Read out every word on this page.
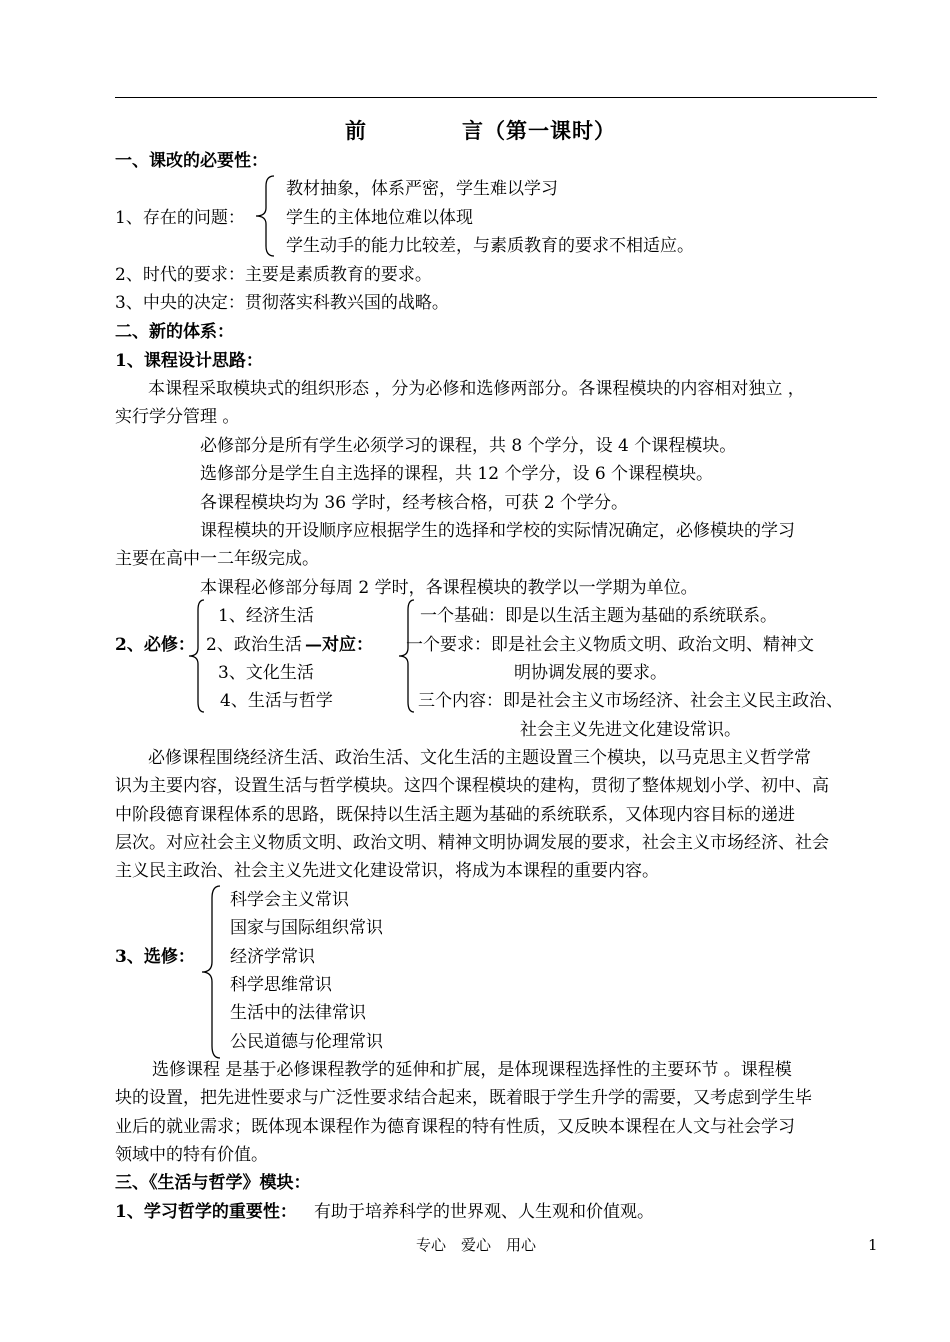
前	言（第一课时）
一、课改的必要性：
教材抽象，体系严密，学生难以学习
1、存在的问题： 学生的主体地位难以体现
学生动手的能力比较差，与素质教育的要求不相适应。
2、时代的要求：主要是素质教育的要求。
3、中央的决定：贯彻落实科教兴国的战略。
二、新的体系：
1、课程设计思路：
本课程采取模块式的组织形态 ，分为必修和选修两部分。各课程模块的内容相对独立 ，
实行学分管理 。
必修部分是所有学生必须学习的课程，共 8 个学分，设 4 个课程模块。
选修部分是学生自主选择的课程，共 12 个学分，设 6 个课程模块。
各课程模块均为 36 学时，经考核合格，可获 2 个学分。
课程模块的开设顺序应根据学生的选择和学校的实际情况确定，必修模块的学习
主要在高中一二年级完成。
本课程必修部分每周 2 学时，各课程模块的教学以一学期为单位。
1、经济生活
2、必修： 2、政治生活 —对应：
3、文化生活
4、生活与哲学
一个基础：即是以生活主题为基础的系统联系。
一个要求：即是社会主义物质文明、政治文明、精神文
明协调发展的要求。
三个内容：即是社会主义市场经济、社会主义民主政治、
社会主义先进文化建设常识。
必修课程围绕经济生活、政治生活、文化生活的主题设置三个模块，以马克思主义哲学常
识为主要内容，设置生活与哲学模块。这四个课程模块的建构，贯彻了整体规划小学、初中、高
中阶段德育课程体系的思路，既保持以生活主题为基础的系统联系，又体现内容目标的递进
层次。对应社会主义物质文明、政治文明、精神文明协调发展的要求，社会主义市场经济、社会
主义民主政治、社会主义先进文化建设常识，将成为本课程的重要内容。
科学会主义常识
国家与国际组织常识
3、选修： 经济学常识
科学思维常识
生活中的法律常识
公民道德与伦理常识
选修课程 是基于必修课程教学的延伸和扩展，是体现课程选择性的主要环节 。课程模
块的设置，把先进性要求与广泛性要求结合起来，既着眼于学生升学的需要，又考虑到学生毕
业后的就业需求；既体现本课程作为德育课程的特有性质，又反映本课程在人文与社会学习
领域中的特有价值。
三、《生活与哲学》模块：
1、学习哲学的重要性： 有助于培养科学的世界观、人生观和价值观。
专心　爱心　用心	1
